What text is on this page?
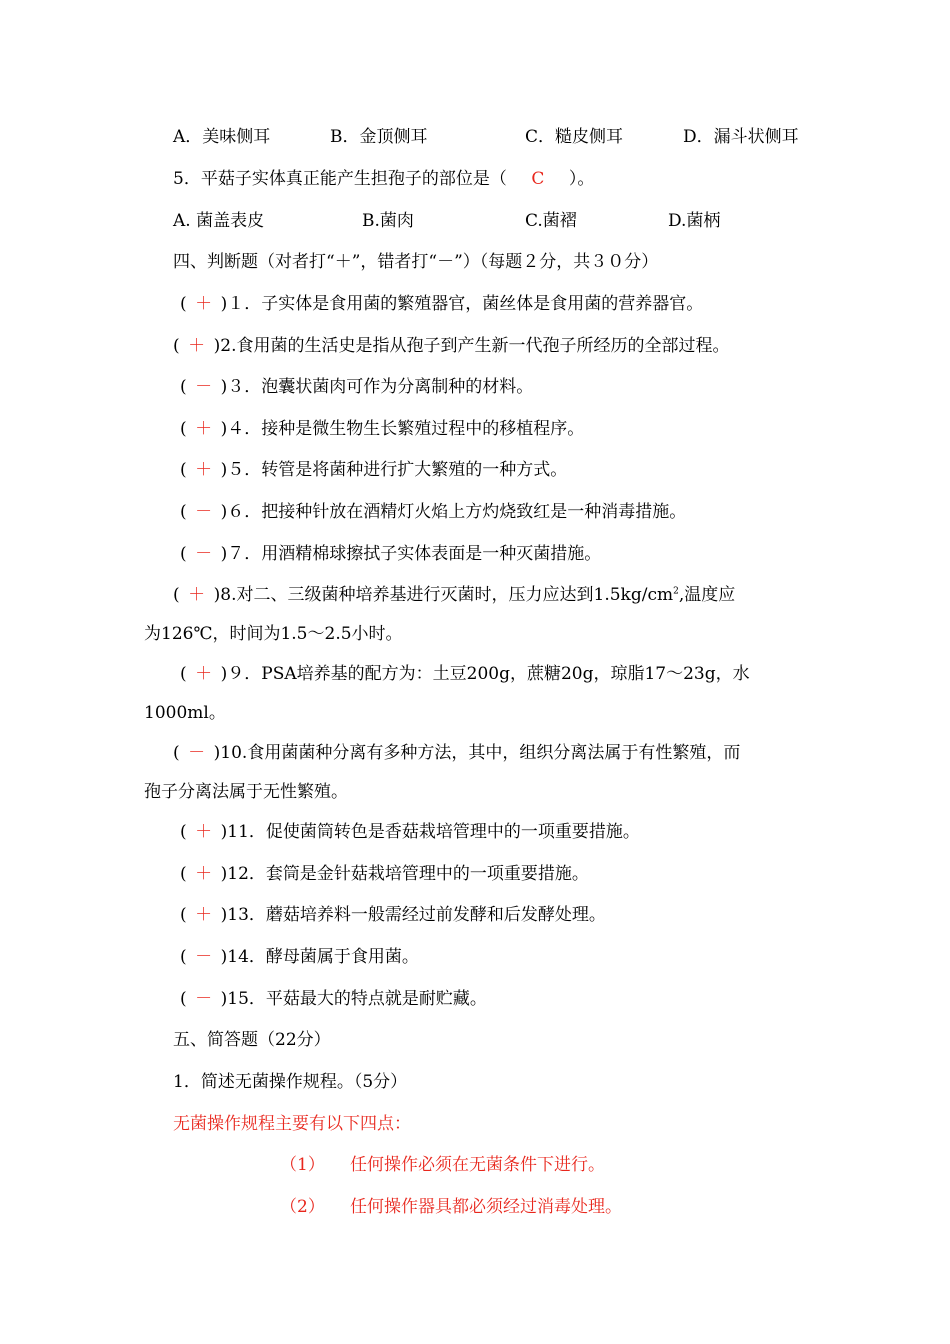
A．美味侧耳	B．金顶侧耳	C．糙皮侧耳	D．漏斗状侧耳
5．平菇子实体真正能产生担孢子的部位是（ C ）。
A. 菌盖表皮	B.菌肉	C.菌褶	D.菌柄
四、判断题（对者打“＋”，错者打“－”）（每题２分，共３０分）
( ＋ )１．子实体是食用菌的繁殖器官，菌丝体是食用菌的营养器官。
( ＋ )2.食用菌的生活史是指从孢子到产生新一代孢子所经历的全部过程。
( － )３．泡囊状菌肉可作为分离制种的材料。
( ＋ )４．接种是微生物生长繁殖过程中的移植程序。
( ＋ )５．转管是将菌种进行扩大繁殖的一种方式。
( － )６．把接种针放在酒精灯火焰上方灼烧致红是一种消毒措施。
( － )７．用酒精棉球擦拭子实体表面是一种灭菌措施。
( ＋ )8.对二、三级菌种培养基进行灭菌时，压力应达到$1.5kg/cm^2$,温度应
为126℃，时间为1.5～2.5小时。
( ＋ )９．PSA培养基的配方为：土豆200g，蔗糖20g，琼脂17～23g，水
1000ml。
( － )10.食用菌菌种分离有多种方法，其中，组织分离法属于有性繁殖，而
孢子分离法属于无性繁殖。
( ＋ )11．促使菌筒转色是香菇栽培管理中的一项重要措施。
( ＋ )12．套筒是金针菇栽培管理中的一项重要措施。
( ＋ )13．蘑菇培养料一般需经过前发酵和后发酵处理。
( － )14．酵母菌属于食用菌。
( － )15．平菇最大的特点就是耐贮藏。
五、简答题（22分）
1．简述无菌操作规程。（5分）
无菌操作规程主要有以下四点：
（1） 任何操作必须在无菌条件下进行。
（2） 任何操作器具都必须经过消毒处理。
